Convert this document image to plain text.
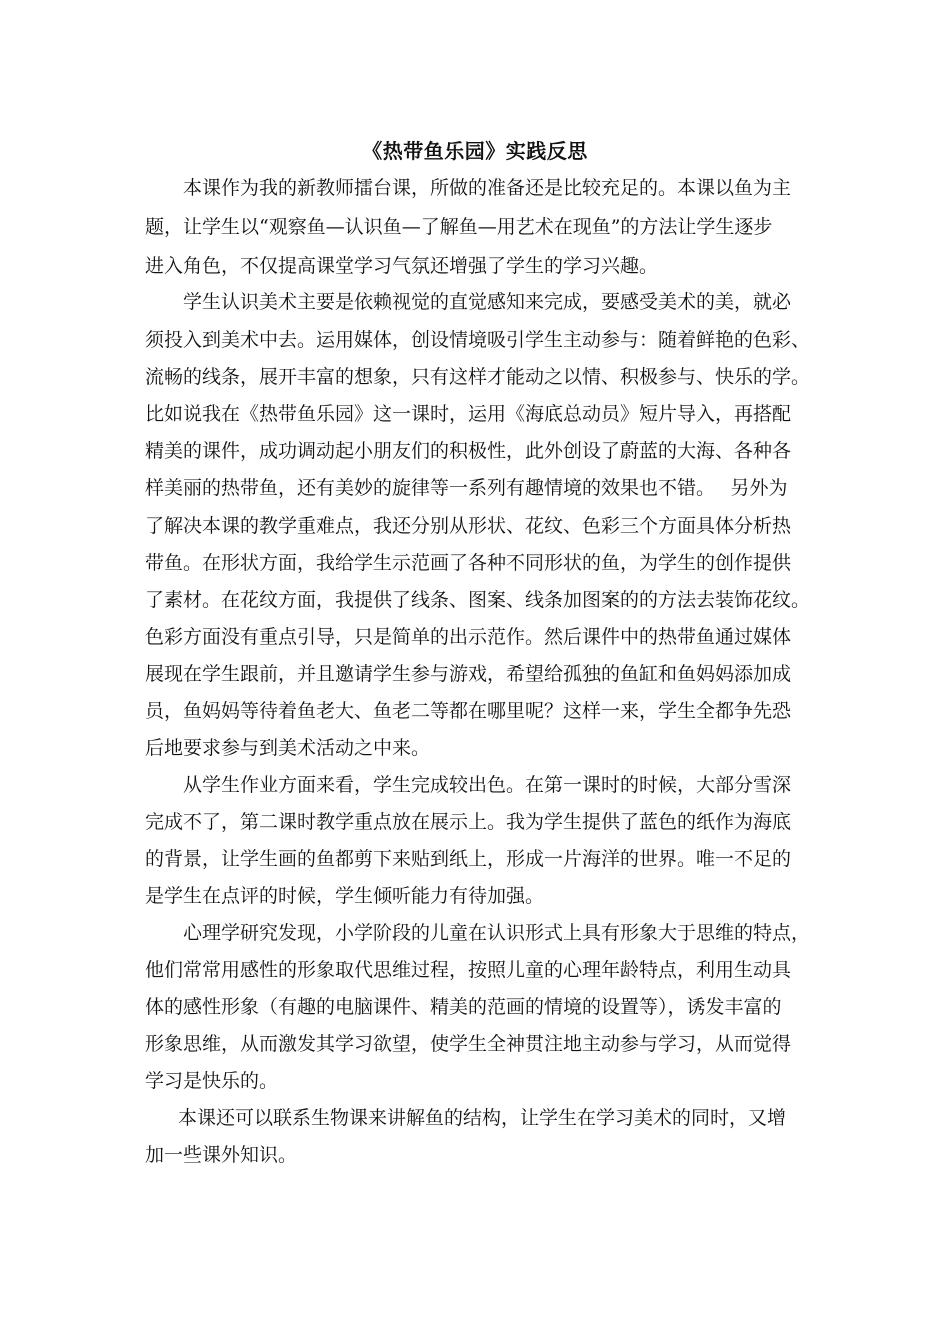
《热带鱼乐园》实践反思
本课作为我的新教师擂台课，所做的准备还是比较充足的。本课以鱼为主
题，让学生以“观察鱼—认识鱼—了解鱼—用艺术在现鱼”的方法让学生逐步
进入角色，不仅提高课堂学习气氛还增强了学生的学习兴趣。
学生认识美术主要是依赖视觉的直觉感知来完成，要感受美术的美，就必
须投入到美术中去。运用媒体，创设情境吸引学生主动参与：随着鲜艳的色彩、
流畅的线条，展开丰富的想象，只有这样才能动之以情、积极参与、快乐的学。
比如说我在《热带鱼乐园》这一课时，运用《海底总动员》短片导入，再搭配
精美的课件，成功调动起小朋友们的积极性，此外创设了蔚蓝的大海、各种各
样美丽的热带鱼，还有美妙的旋律等一系列有趣情境的效果也不错。　 另外为
了解决本课的教学重难点，我还分别从形状、花纹、色彩三个方面具体分析热
带鱼。在形状方面，我给学生示范画了各种不同形状的鱼，为学生的创作提供
了素材。在花纹方面，我提供了线条、图案、线条加图案的的方法去装饰花纹。
色彩方面没有重点引导，只是简单的出示范作。然后课件中的热带鱼通过媒体
展现在学生跟前，并且邀请学生参与游戏，希望给孤独的鱼缸和鱼妈妈添加成
员，鱼妈妈等待着鱼老大、鱼老二等都在哪里呢？这样一来，学生全都争先恐
后地要求参与到美术活动之中来。
从学生作业方面来看，学生完成较出色。在第一课时的时候，大部分雪深
完成不了，第二课时教学重点放在展示上。我为学生提供了蓝色的纸作为海底
的背景，让学生画的鱼都剪下来贴到纸上，形成一片海洋的世界。唯一不足的
是学生在点评的时候，学生倾听能力有待加强。
心理学研究发现，小学阶段的儿童在认识形式上具有形象大于思维的特点，
他们常常用感性的形象取代思维过程，按照儿童的心理年龄特点，利用生动具
体的感性形象（有趣的电脑课件、精美的范画的情境的设置等），诱发丰富的
形象思维，从而激发其学习欲望，使学生全神贯注地主动参与学习，从而觉得
学习是快乐的。
本课还可以联系生物课来讲解鱼的结构，让学生在学习美术的同时，又增
加一些课外知识。
